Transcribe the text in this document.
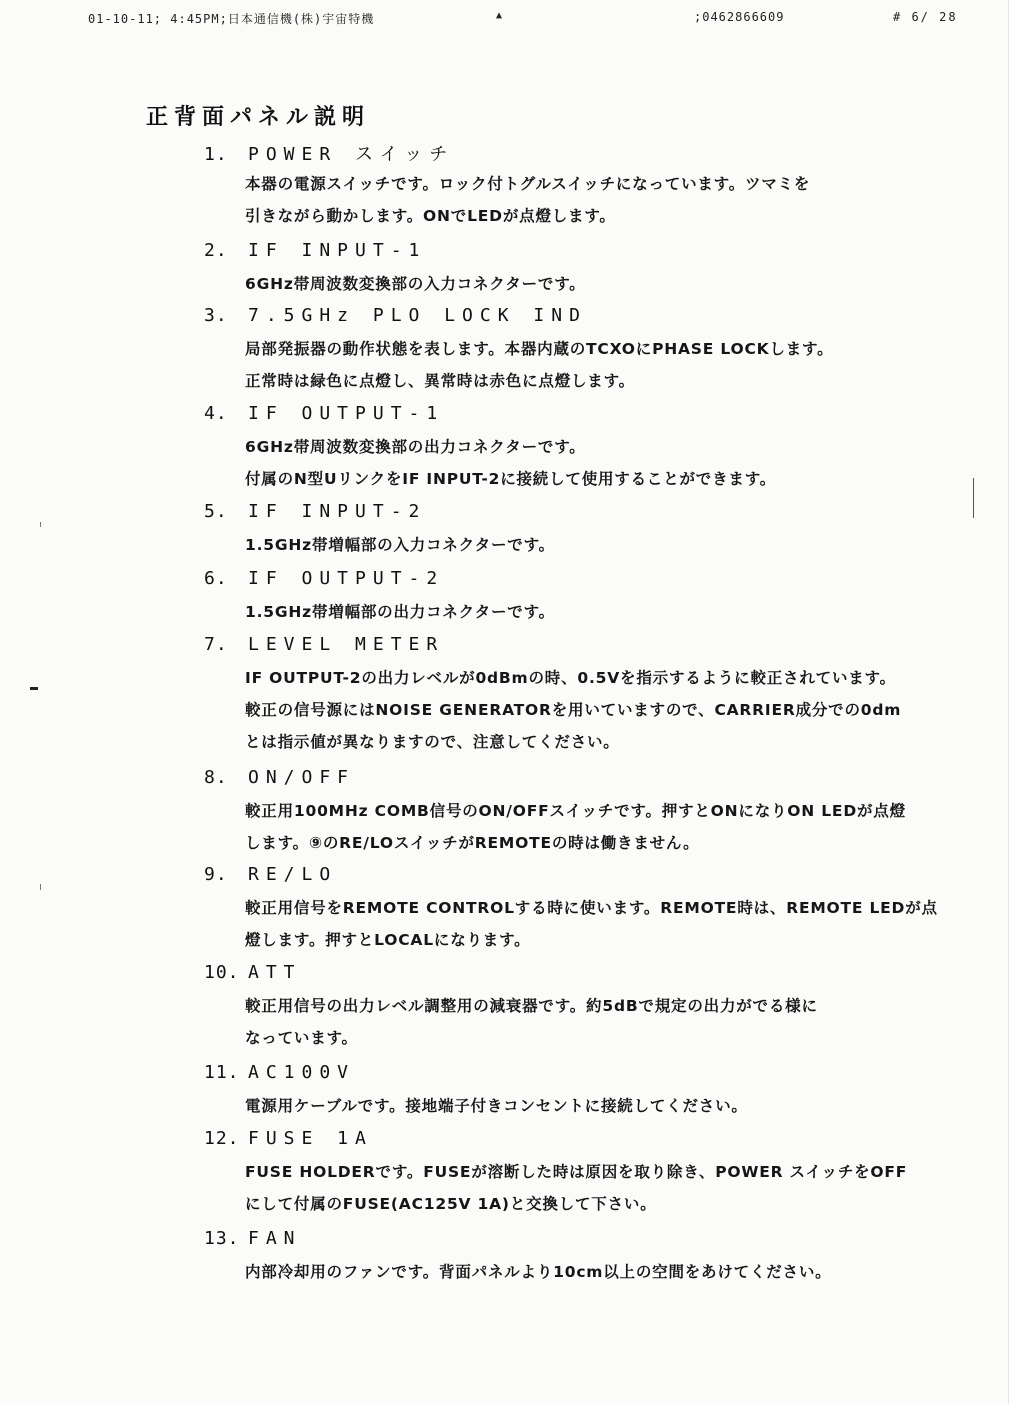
01-10-11; 4:45PM;日本通信機(株)宇宙特機	▲	;0462866609	# 6/ 28
正背面パネル説明
1. POWER スイッチ
本器の電源スイッチです。ロック付トグルスイッチになっています。ツマミを
引きながら動かします。ONでLEDが点燈します。
2. IF INPUT-1
6GHz帯周波数変換部の入力コネクターです。
3. 7.5GHz PLO LOCK IND
局部発振器の動作状態を表します。本器内蔵のTCXOにPHASE LOCKします。
正常時は緑色に点燈し、異常時は赤色に点燈します。
4. IF OUTPUT-1
6GHz帯周波数変換部の出力コネクターです。
付属のN型UリンクをIF INPUT-2に接続して使用することができます。
5. IF INPUT-2
1.5GHz帯増幅部の入力コネクターです。
6. IF OUTPUT-2
1.5GHz帯増幅部の出力コネクターです。
7. LEVEL METER
IF OUTPUT-2の出力レベルが0dBmの時、0.5Vを指示するように較正されています。
較正の信号源にはNOISE GENERATORを用いていますので、CARRIER成分での0dm
とは指示値が異なりますので、注意してください。
8. ON/OFF
較正用100MHz COMB信号のON/OFFスイッチです。押すとONになりON LEDが点燈
します。⑨のRE/LOスイッチがREMOTEの時は働きません。
9. RE/LO
較正用信号をREMOTE CONTROLする時に使います。REMOTE時は、REMOTE LEDが点
燈します。押すとLOCALになります。
10. ATT
較正用信号の出力レベル調整用の減衰器です。約5dBで規定の出力がでる様に
なっています。
11. AC100V
電源用ケーブルです。接地端子付きコンセントに接続してください。
12. FUSE 1A
FUSE HOLDERです。FUSEが溶断した時は原因を取り除き、POWER スイッチをOFF
にして付属のFUSE(AC125V 1A)と交換して下さい。
13. FAN
内部冷却用のファンです。背面パネルより10cm以上の空間をあけてください。
